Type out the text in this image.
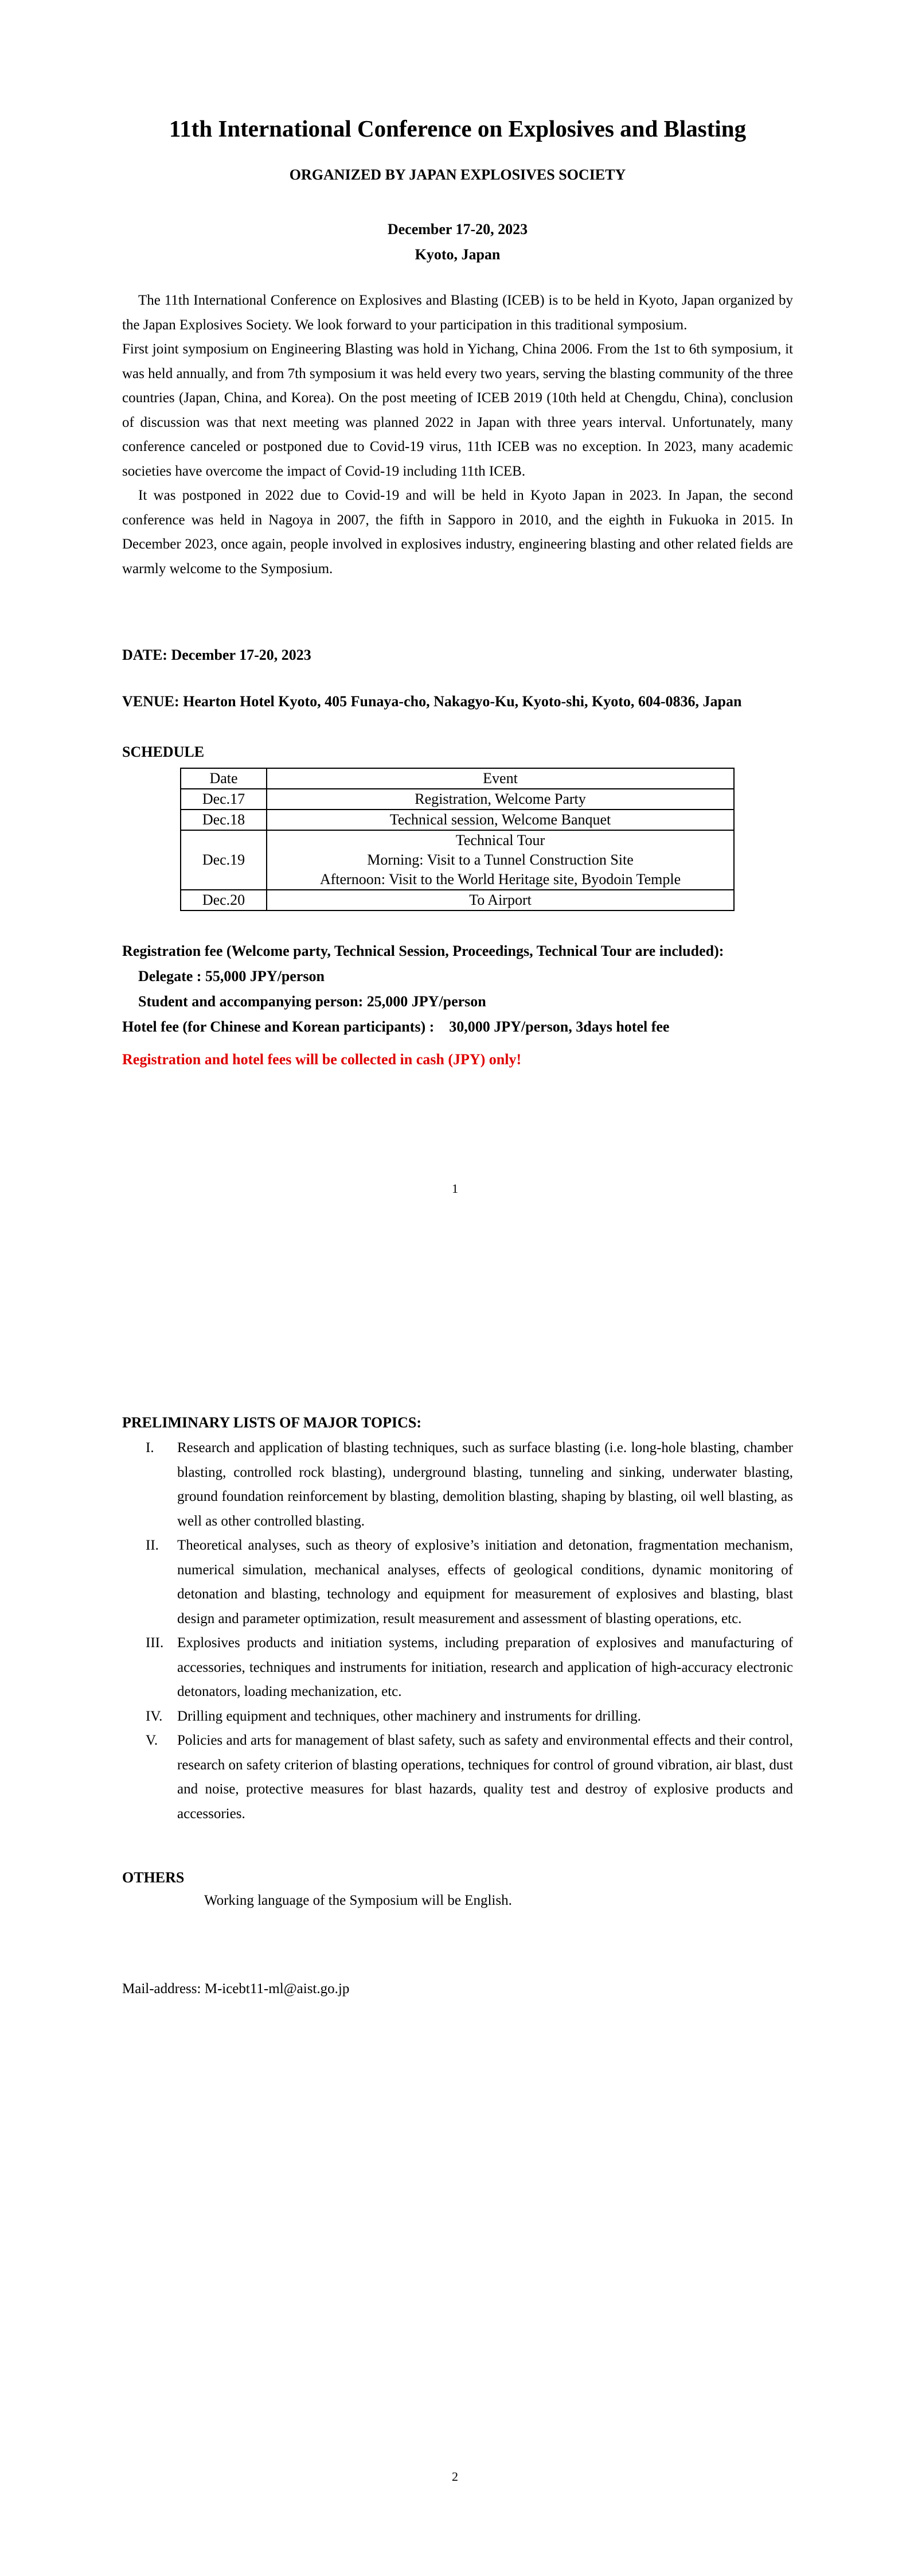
11th International Conference on Explosives and Blasting
ORGANIZED BY JAPAN EXPLOSIVES SOCIETY
December 17-20, 2023
Kyoto, Japan

The 11th International Conference on Explosives and Blasting (ICEB) is to be held in Kyoto, Japan organized by the Japan Explosives Society. We look forward to your participation in this traditional symposium.

First joint symposium on Engineering Blasting was hold in Yichang, China 2006. From the 1st to 6th symposium, it was held annually, and from 7th symposium it was held every two years, serving the blasting community of the three countries (Japan, China, and Korea). On the post meeting of ICEB 2019 (10th held at Chengdu, China), conclusion of discussion was that next meeting was planned 2022 in Japan with three years interval. Unfortunately, many conference canceled or postponed due to Covid-19 virus, 11th ICEB was no exception. In 2023, many academic societies have overcome the impact of Covid-19 including 11th ICEB.

It was postponed in 2022 due to Covid-19 and will be held in Kyoto Japan in 2023. In Japan, the second conference was held in Nagoya in 2007, the fifth in Sapporo in 2010, and the eighth in Fukuoka in 2015. In December 2023, once again, people involved in explosives industry, engineering blasting and other related fields are warmly welcome to the Symposium.

DATE: December 17-20, 2023
VENUE: Hearton Hotel Kyoto, 405 Funaya-cho, Nakagyo-Ku, Kyoto-shi, Kyoto, 604-0836, Japan
SCHEDULE
Date	Event
Dec.17	Registration, Welcome Party
Dec.18	Technical session, Welcome Banquet
Dec.19	Technical Tour
Morning: Visit to a Tunnel Construction Site
Afternoon: Visit to the World Heritage site, Byodoin Temple

Dec.20	To Airport
Registration fee (Welcome party, Technical Session, Proceedings, Technical Tour are included):
Delegate : 55,000 JPY/person
Student and accompanying person: 25,000 JPY/person
Hotel fee (for Chinese and Korean participants) :    30,000 JPY/person, 3days hotel fee
Registration and hotel fees will be collected in cash (JPY) only!
1
PRELIMINARY LISTS OF MAJOR TOPICS:
I.	Research and application of blasting techniques, such as surface blasting (i.e. long-hole blasting, chamber blasting, controlled rock blasting), underground blasting, tunneling and sinking, underwater blasting, ground foundation reinforcement by blasting, demolition blasting, shaping by blasting, oil well blasting, as well as other controlled blasting.
II.	Theoretical analyses, such as theory of explosive’s initiation and detonation, fragmentation mechanism, numerical simulation, mechanical analyses, effects of geological conditions, dynamic monitoring of detonation and blasting, technology and equipment for measurement of explosives and blasting, blast design and parameter optimization, result measurement and assessment of blasting operations, etc.
III. Explosives products and initiation systems, including preparation of explosives and manufacturing of accessories, techniques and instruments for initiation, research and application of high-accuracy electronic detonators, loading mechanization, etc.
IV.	Drilling equipment and techniques, other machinery and instruments for drilling.
V.	Policies and arts for management of blast safety, such as safety and environmental effects and their control, research on safety criterion of blasting operations, techniques for control of ground vibration, air blast, dust and noise, protective measures for blast hazards, quality test and destroy of explosive products and accessories.
OTHERS
Working language of the Symposium will be English.
Mail-address: M-icebt11-ml@aist.go.jp
2
